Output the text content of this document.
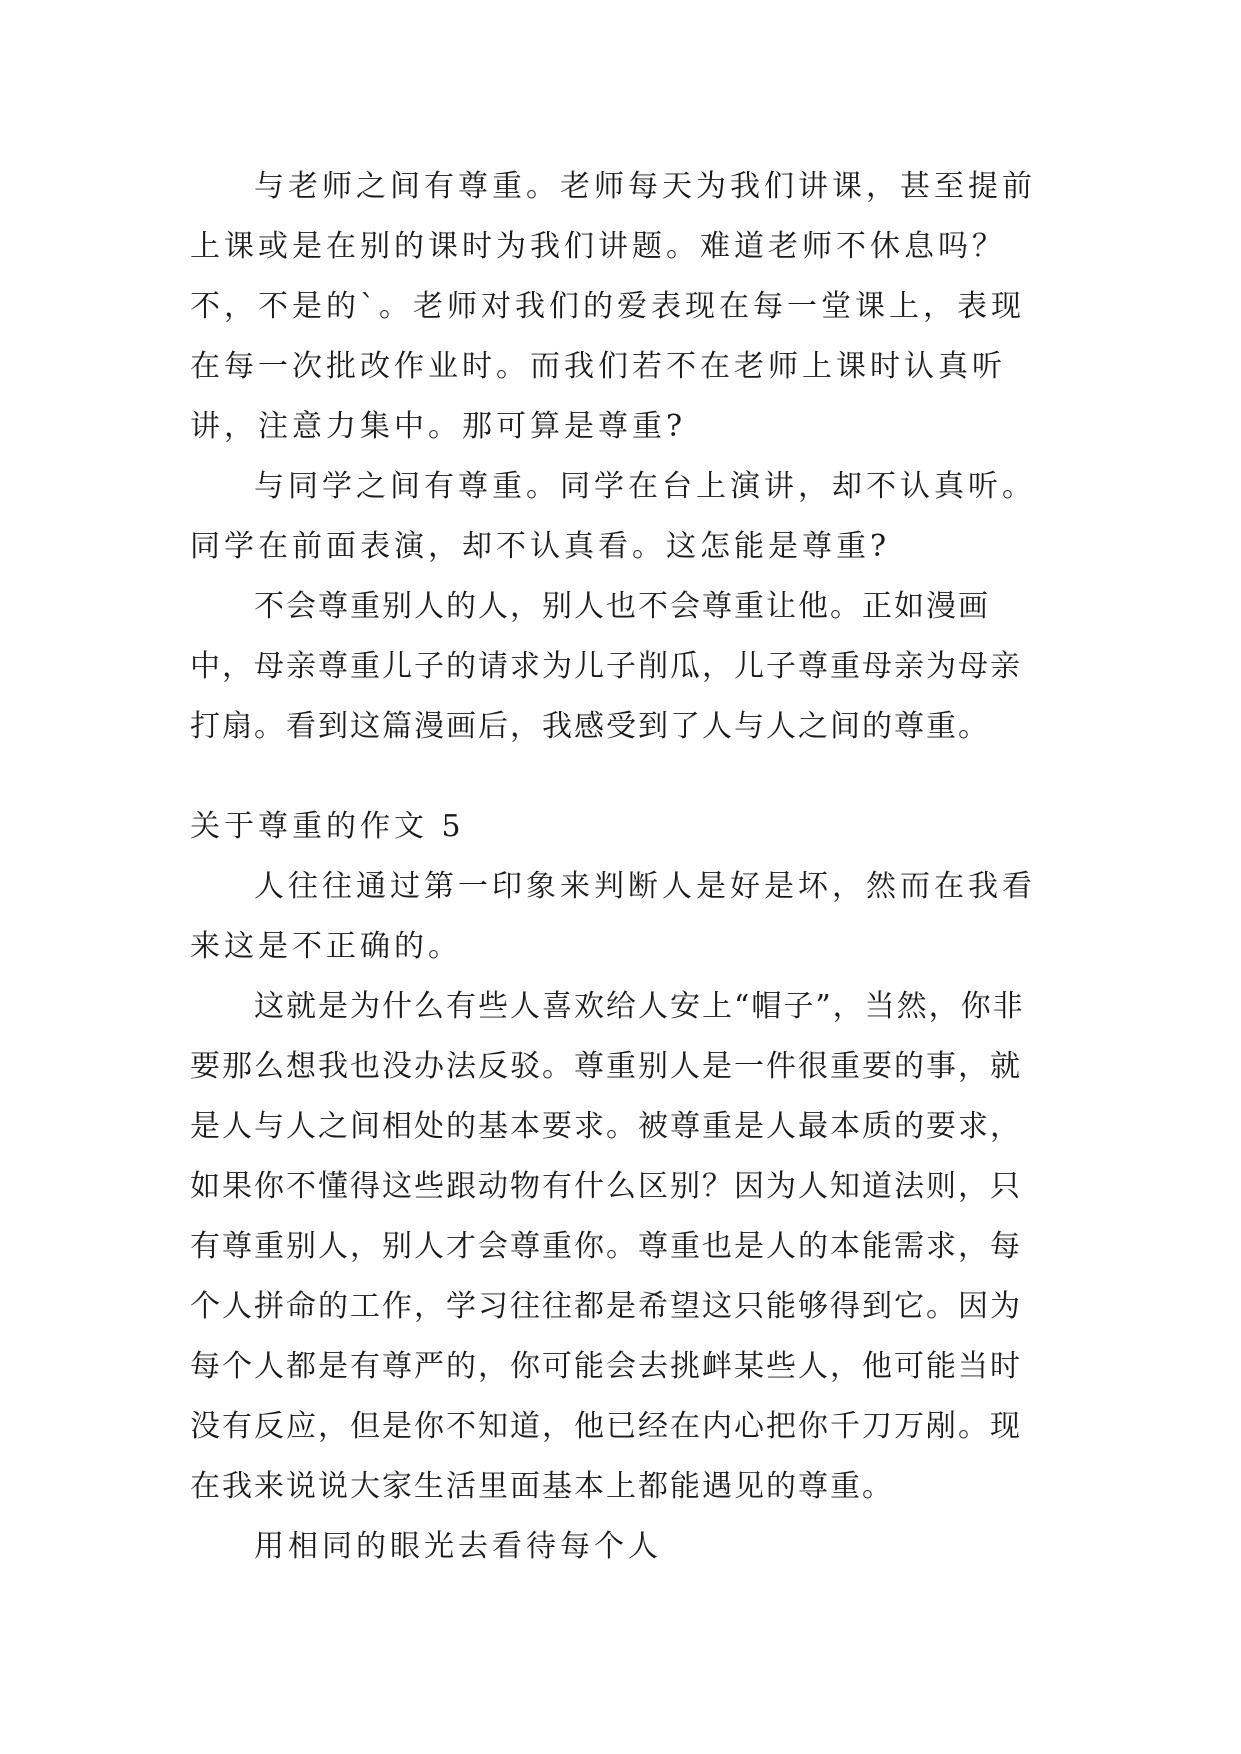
与老师之间有尊重。老师每天为我们讲课，甚至提前上课或是在别的课时为我们讲题。难道老师不休息吗？不，不是的`。老师对我们的爱表现在每一堂课上，表现在每一次批改作业时。而我们若不在老师上课时认真听讲，注意力集中。那可算是尊重?

与同学之间有尊重。同学在台上演讲，却不认真听。同学在前面表演，却不认真看。这怎能是尊重?

不会尊重别人的人，别人也不会尊重让他。正如漫画中，母亲尊重儿子的请求为儿子削瓜，儿子尊重母亲为母亲打扇。看到这篇漫画后，我感受到了人与人之间的尊重。

关于尊重的作文 5

人往往通过第一印象来判断人是好是坏，然而在我看来这是不正确的。

这就是为什么有些人喜欢给人安上“帽子”，当然，你非要那么想我也没办法反驳。尊重别人是一件很重要的事，就是人与人之间相处的基本要求。被尊重是人最本质的要求，如果你不懂得这些跟动物有什么区别？因为人知道法则，只有尊重别人，别人才会尊重你。尊重也是人的本能需求，每个人拼命的工作，学习往往都是希望这只能够得到它。因为每个人都是有尊严的，你可能会去挑衅某些人，他可能当时没有反应，但是你不知道，他已经在内心把你千刀万剐。现在我来说说大家生活里面基本上都能遇见的尊重。

用相同的眼光去看待每个人
